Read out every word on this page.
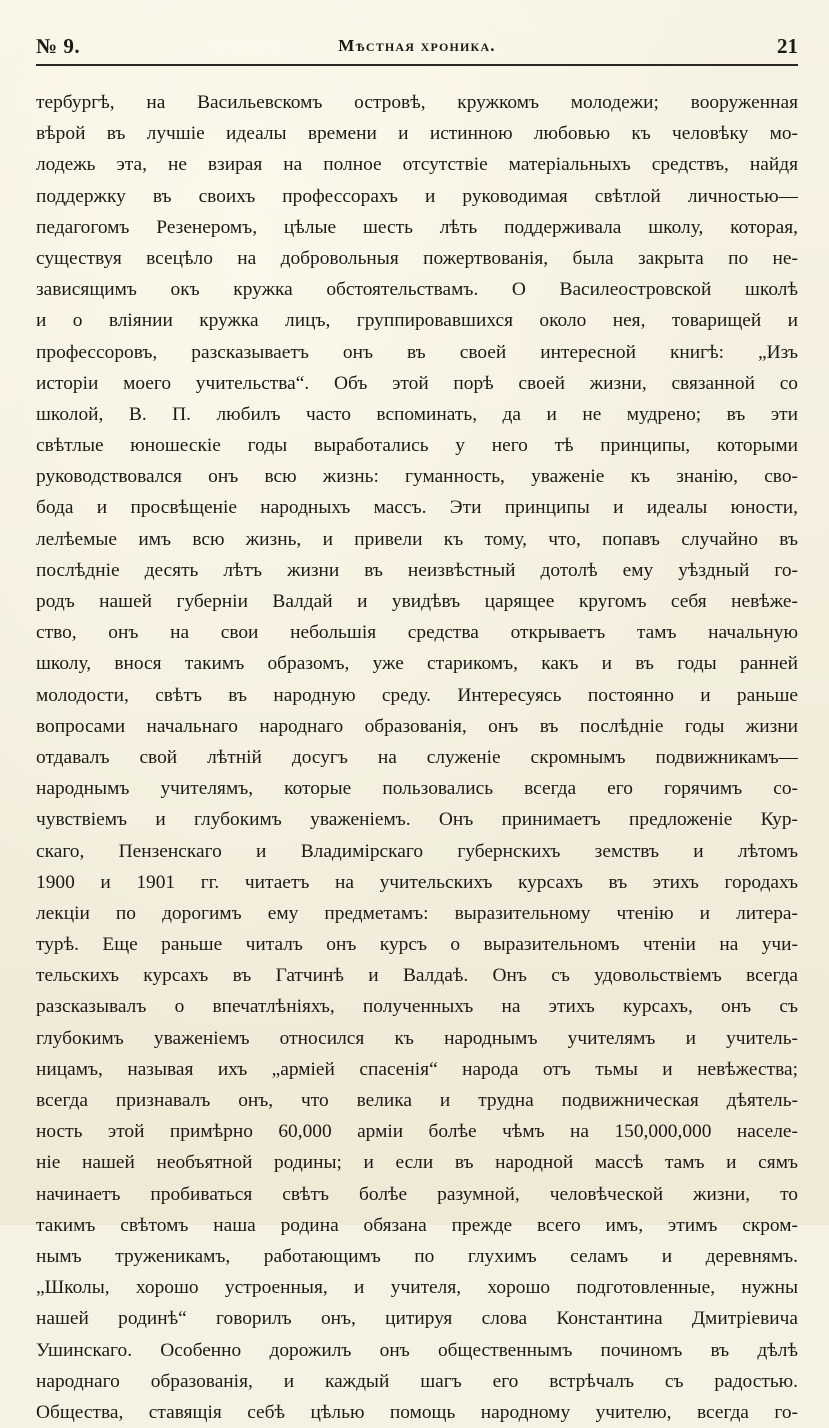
№ 9.	Мѣстная хроника.	21
тербургѣ, на Васильевскомъ островѣ, кружкомъ молодежи; вооруженная
вѣрой въ лучшіе идеалы времени и истинною любовью къ человѣку мо-
лодежь эта, не взирая на полное отсутствіе матеріальныхъ средствъ, найдя
поддержку въ своихъ профессорахъ и руководимая свѣтлой личностью—
педагогомъ Резенеромъ, цѣлые шесть лѣть поддерживала школу, которая,
существуя всецѣло на добровольныя пожертвованія, была закрыта по не-
зависящимъ окъ кружка обстоятельствамъ. О Василеостровской школѣ
и о вліянии кружка лицъ, группировавшихся около нея, товарищей и
профессоровъ, разсказываетъ онъ въ своей интересной книгѣ: „Изъ
исторіи моего учительства“. Объ этой порѣ своей жизни, связанной со
школой, В. П. любилъ часто вспоминать, да и не мудрено; въ эти
свѣтлые юношескіе годы выработались у него тѣ принципы, которыми
руководствовался онъ всю жизнь: гуманность, уваженіе къ знанію, сво-
бода и просвѣщеніе народныхъ массъ. Эти принципы и идеалы юности,
лелѣемые имъ всю жизнь, и привели къ тому, что, попавъ случайно въ
послѣдніе десять лѣтъ жизни въ неизвѣстный дотолѣ ему уѣздный го-
родъ нашей губерніи Валдай и увидѣвъ царящее кругомъ себя невѣже-
ство, онъ на свои небольшія средства открываетъ тамъ начальную
школу, внося такимъ образомъ, уже старикомъ, какъ и въ годы ранней
молодости, свѣтъ въ народную среду. Интересуясь постоянно и раньше
вопросами начальнаго народнаго образованія, онъ въ послѣдніе годы жизни
отдавалъ свой лѣтній досугъ на служеніе скромнымъ подвижникамъ—
народнымъ учителямъ, которые пользовались всегда его горячимъ со-
чувствіемъ и глубокимъ уваженіемъ. Онъ принимаетъ предложеніе Кур-
скаго, Пензенскаго и Владимірскаго губернскихъ земствъ и лѣтомъ
1900 и 1901 гг. читаетъ на учительскихъ курсахъ въ этихъ городахъ
лекціи по дорогимъ ему предметамъ: выразительному чтенію и литера-
турѣ. Еще раньше читалъ онъ курсъ о выразительномъ чтеніи на учи-
тельскихъ курсахъ въ Гатчинѣ и Валдаѣ. Онъ съ удовольствіемъ всегда
разсказывалъ о впечатлѣніяхъ, полученныхъ на этихъ курсахъ, онъ съ
глубокимъ уваженіемъ относился къ народнымъ учителямъ и учитель-
ницамъ, называя ихъ „арміей спасенія“ народа отъ тьмы и невѣжества;
всегда признавалъ онъ, что велика и трудна подвижническая дѣятель-
ность этой примѣрно 60,000 арміи болѣе чѣмъ на 150,000,000 населе-
ніе нашей необъятной родины; и если въ народной массѣ тамъ и сямъ
начинаетъ пробиваться свѣтъ болѣе разумной, человѣческой жизни, то
такимъ свѣтомъ наша родина обязана прежде всего имъ, этимъ скром-
нымъ труженикамъ, работающимъ по глухимъ селамъ и деревнямъ.
„Школы, хорошо устроенныя, и учителя, хорошо подготовленные, нужны
нашей родинѣ“ говорилъ онъ, цитируя слова Константина Дмитріевича
Ушинскаго. Особенно дорожилъ онъ общественнымъ починомъ въ дѣлѣ
народнаго образованія, и каждый шагъ его встрѣчалъ съ радостью.
Общества, ставящія себѣ цѣлью помощь народному учителю, всегда го-
